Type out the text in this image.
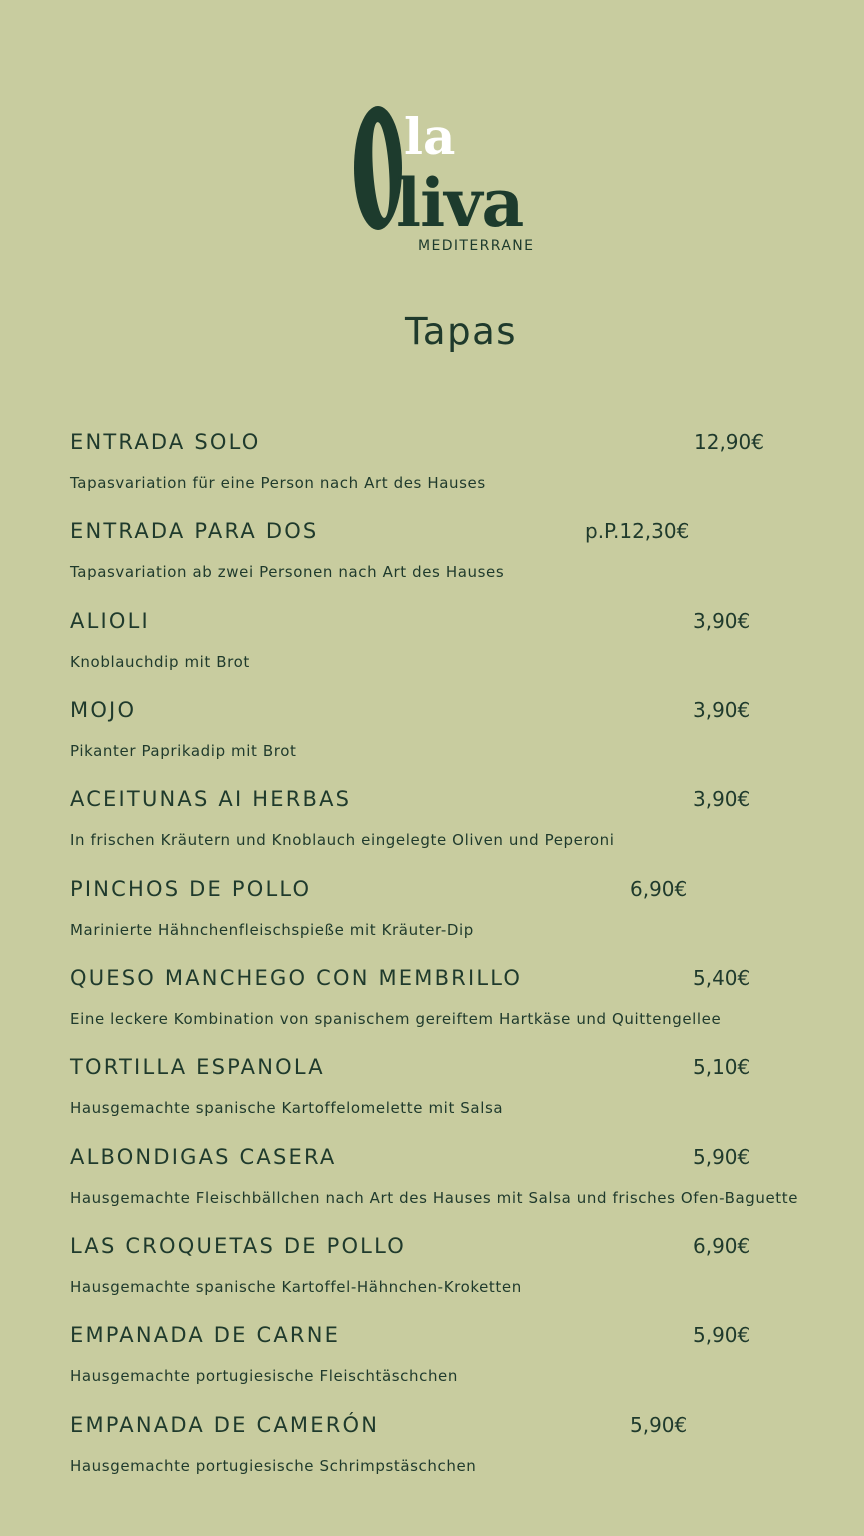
la
liva
MEDITERRANE
Tapas
ENTRADA SOLO	12,90€
Tapasvariation für eine Person nach Art des Hauses
ENTRADA PARA DOS	p.P.12,30€
Tapasvariation ab zwei Personen nach Art des Hauses
ALIOLI	3,90€
Knoblauchdip mit Brot
MOJO	3,90€
Pikanter Paprikadip mit Brot
ACEITUNAS AI HERBAS	3,90€
In frischen Kräutern und Knoblauch eingelegte Oliven und Peperoni
PINCHOS DE POLLO	6,90€
Marinierte Hähnchenfleischspieße mit Kräuter-Dip
QUESO MANCHEGO CON MEMBRILLO	5,40€
Eine leckere Kombination von spanischem gereiftem Hartkäse und Quittengellee
TORTILLA ESPANOLA	5,10€
Hausgemachte spanische Kartoffelomelette mit Salsa
ALBONDIGAS CASERA	5,90€
Hausgemachte Fleischbällchen nach Art des Hauses mit Salsa und frisches Ofen-Baguette
LAS CROQUETAS DE POLLO	6,90€
Hausgemachte spanische Kartoffel-Hähnchen-Kroketten
EMPANADA DE CARNE	5,90€
Hausgemachte portugiesische Fleischtäschchen
EMPANADA DE CAMERÓN	5,90€
Hausgemachte portugiesische Schrimpstäschchen
